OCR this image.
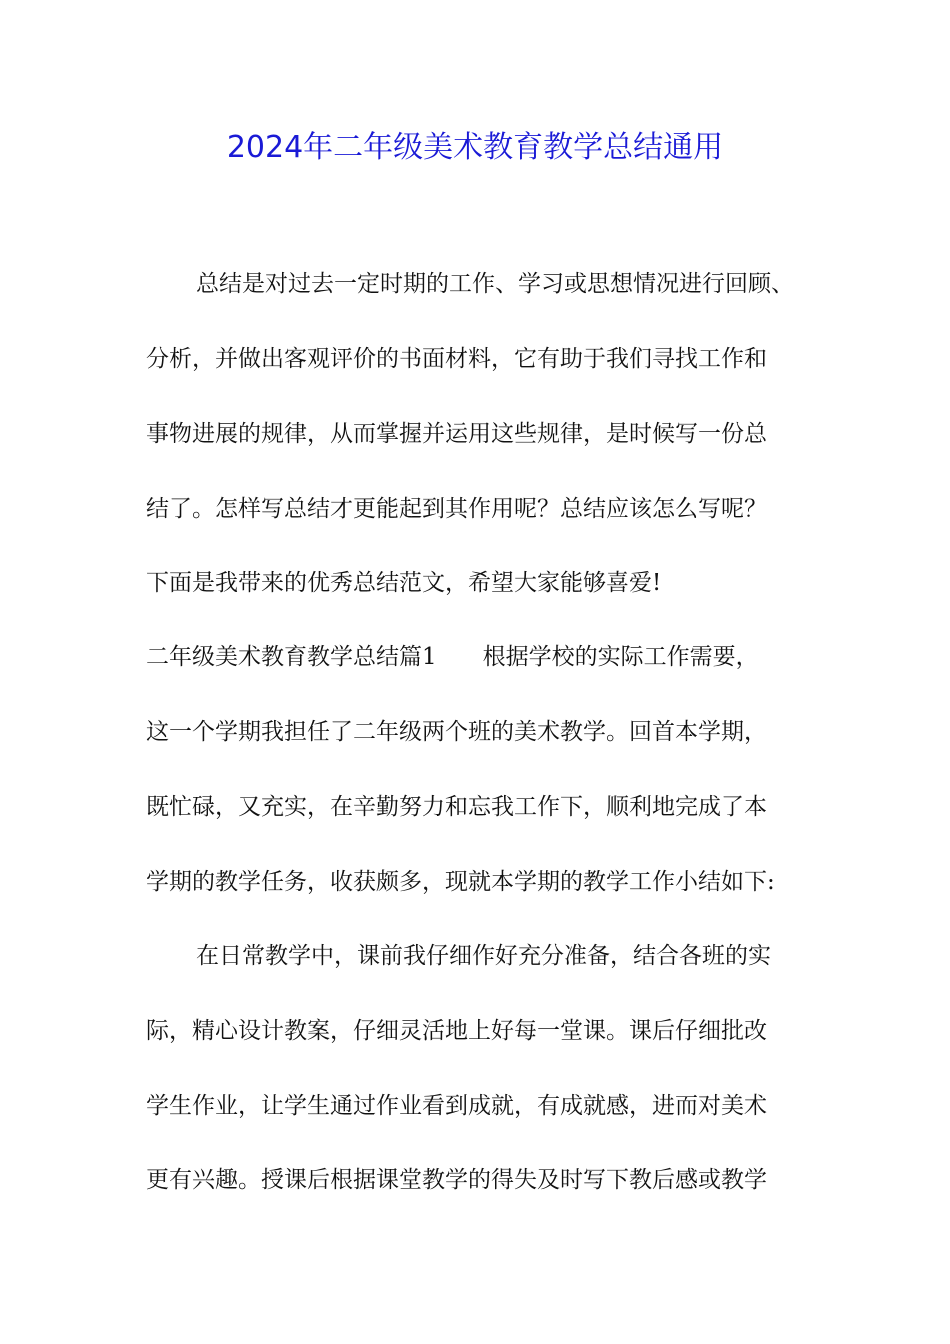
2024年二年级美术教育教学总结通用

总结是对过去一定时期的工作、学习或思想情况进行回顾、

分析，并做出客观评价的书面材料，它有助于我们寻找工作和

事物进展的规律，从而掌握并运用这些规律，是时候写一份总

结了。怎样写总结才更能起到其作用呢？总结应该怎么写呢？

下面是我带来的优秀总结范文，希望大家能够喜爱!

二年级美术教育教学总结篇1　　根据学校的实际工作需要，

这一个学期我担任了二年级两个班的美术教学。回首本学期，

既忙碌，又充实，在辛勤努力和忘我工作下，顺利地完成了本

学期的教学任务，收获颇多，现就本学期的教学工作小结如下:

在日常教学中，课前我仔细作好充分准备，结合各班的实

际，精心设计教案，仔细灵活地上好每一堂课。课后仔细批改

学生作业，让学生通过作业看到成就，有成就感，进而对美术

更有兴趣。授课后根据课堂教学的得失及时写下教后感或教学
